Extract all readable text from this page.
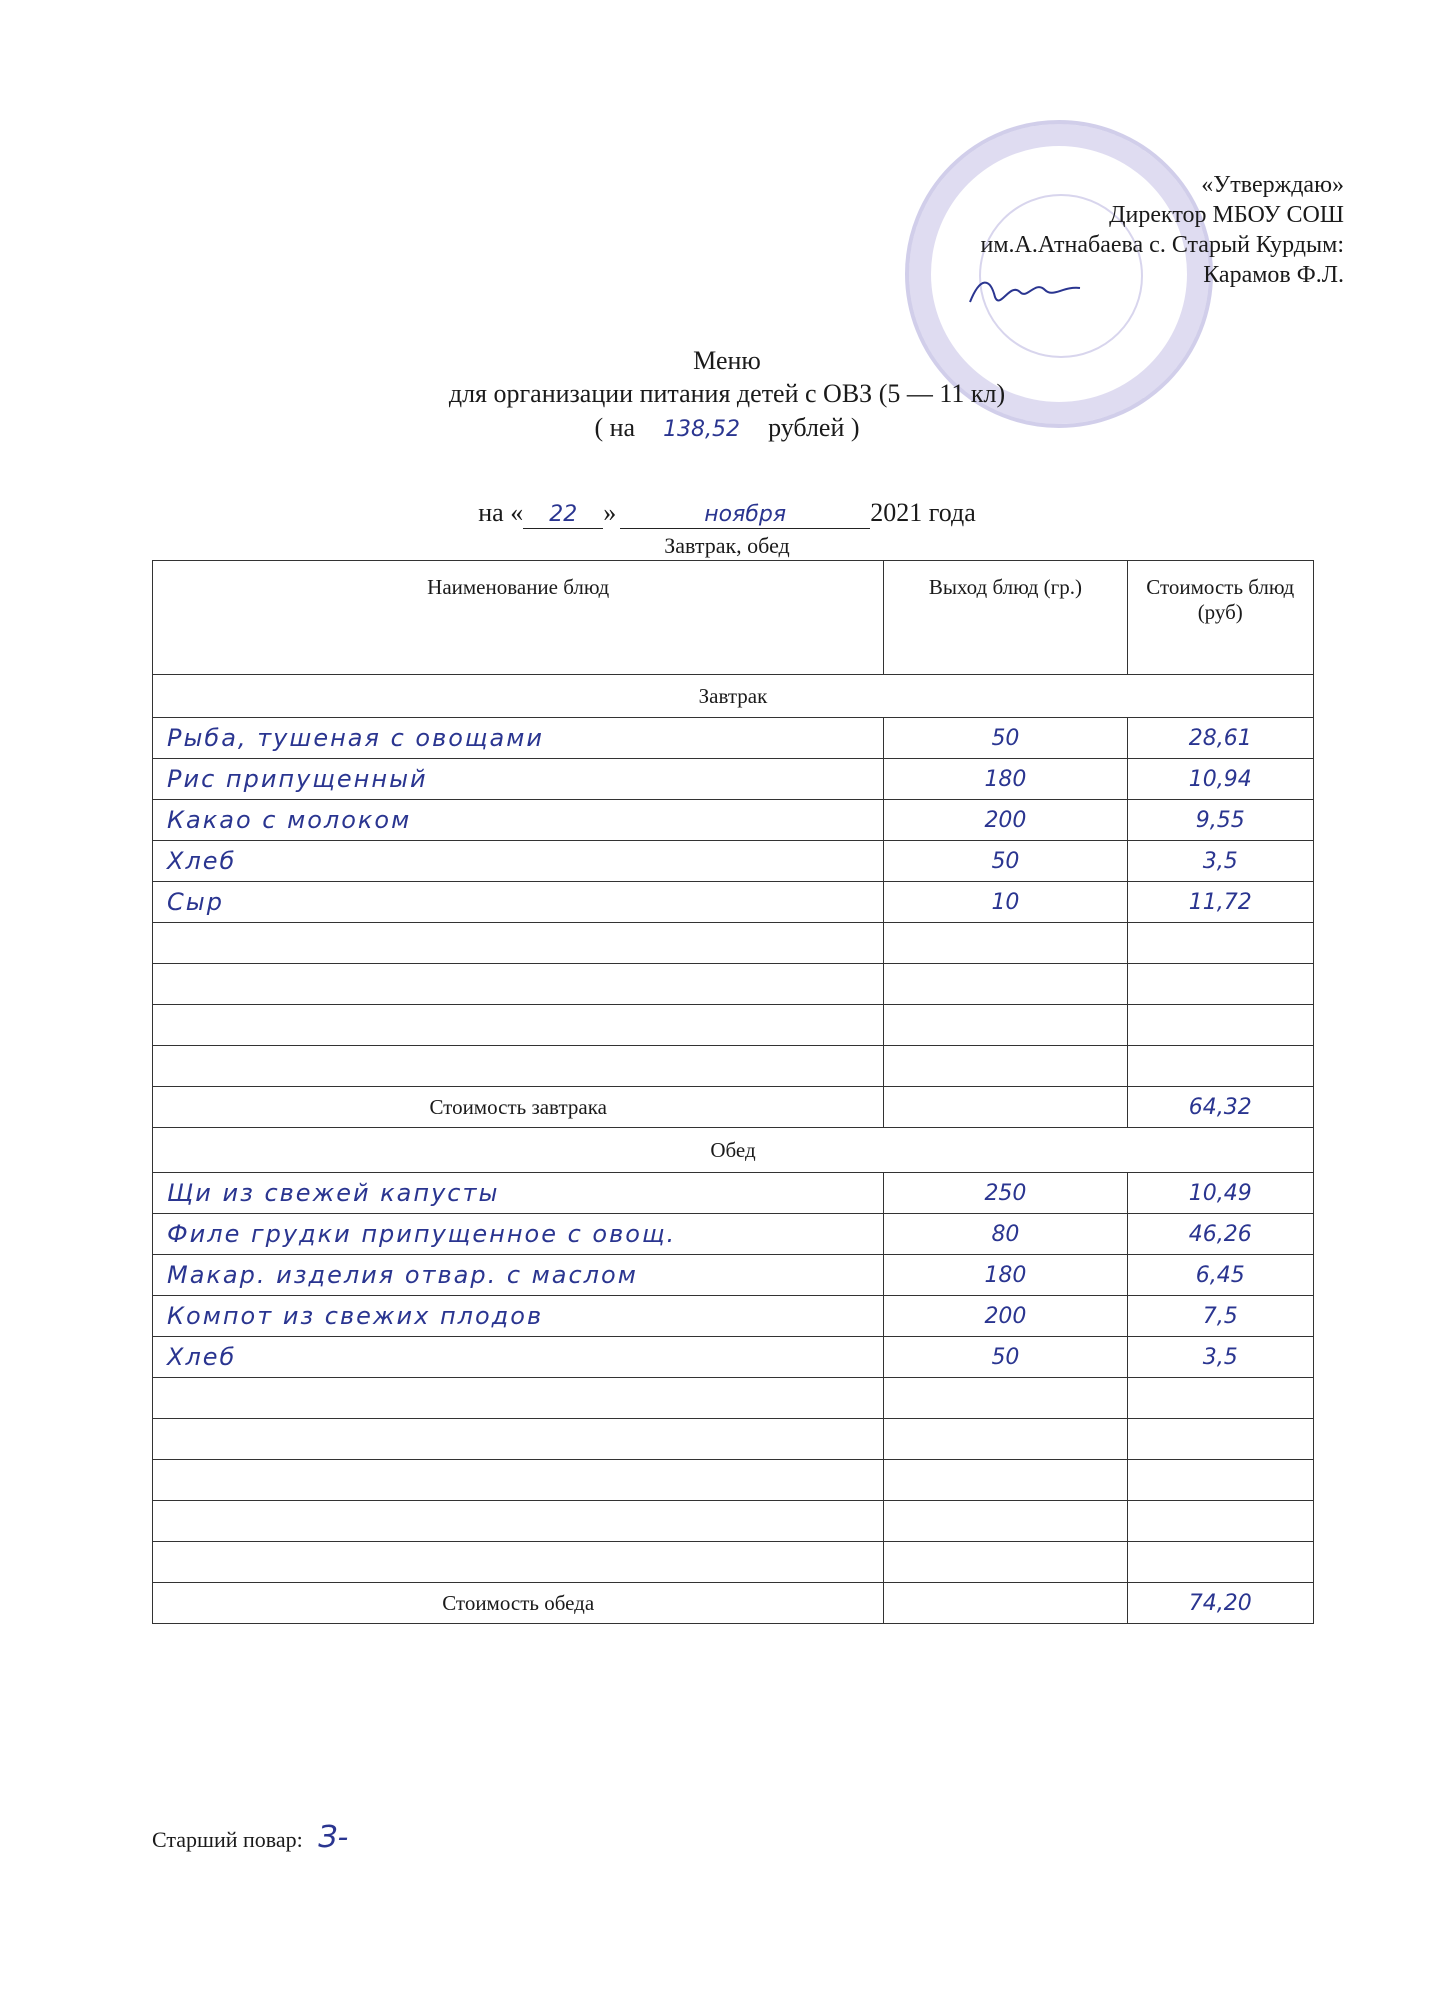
«Утверждаю»
Директор МБОУ СОШ
им.А.Атнабаева с. Старый Курдым:
Карамов Ф.Л.
Меню
для организации питания детей с ОВЗ (5 — 11 кл)
( на 138,52 рублей )
на « 22 »	ноября	2021 года
Завтрак, обед
Наименование блюд	Выход блюд (гр.)	Стоимость блюд (руб)
Завтрак		
Рыба, тушеная с овощами	50	28,61
Рис припущенный	180	10,94
Какао с молоком	200	9,55
Хлеб	50	3,5
Сыр	10	11,72

Стоимость завтрака		64,32
Обед		
Щи из свежей капусты	250	10,49
Филе грудки припущенное с овощ.	80	46,26
Макар. изделия отвар. с маслом	180	6,45
Компот из свежих плодов	200	7,5
Хлеб	50	3,5

Стоимость обеда		74,20
Старший повар: З-
